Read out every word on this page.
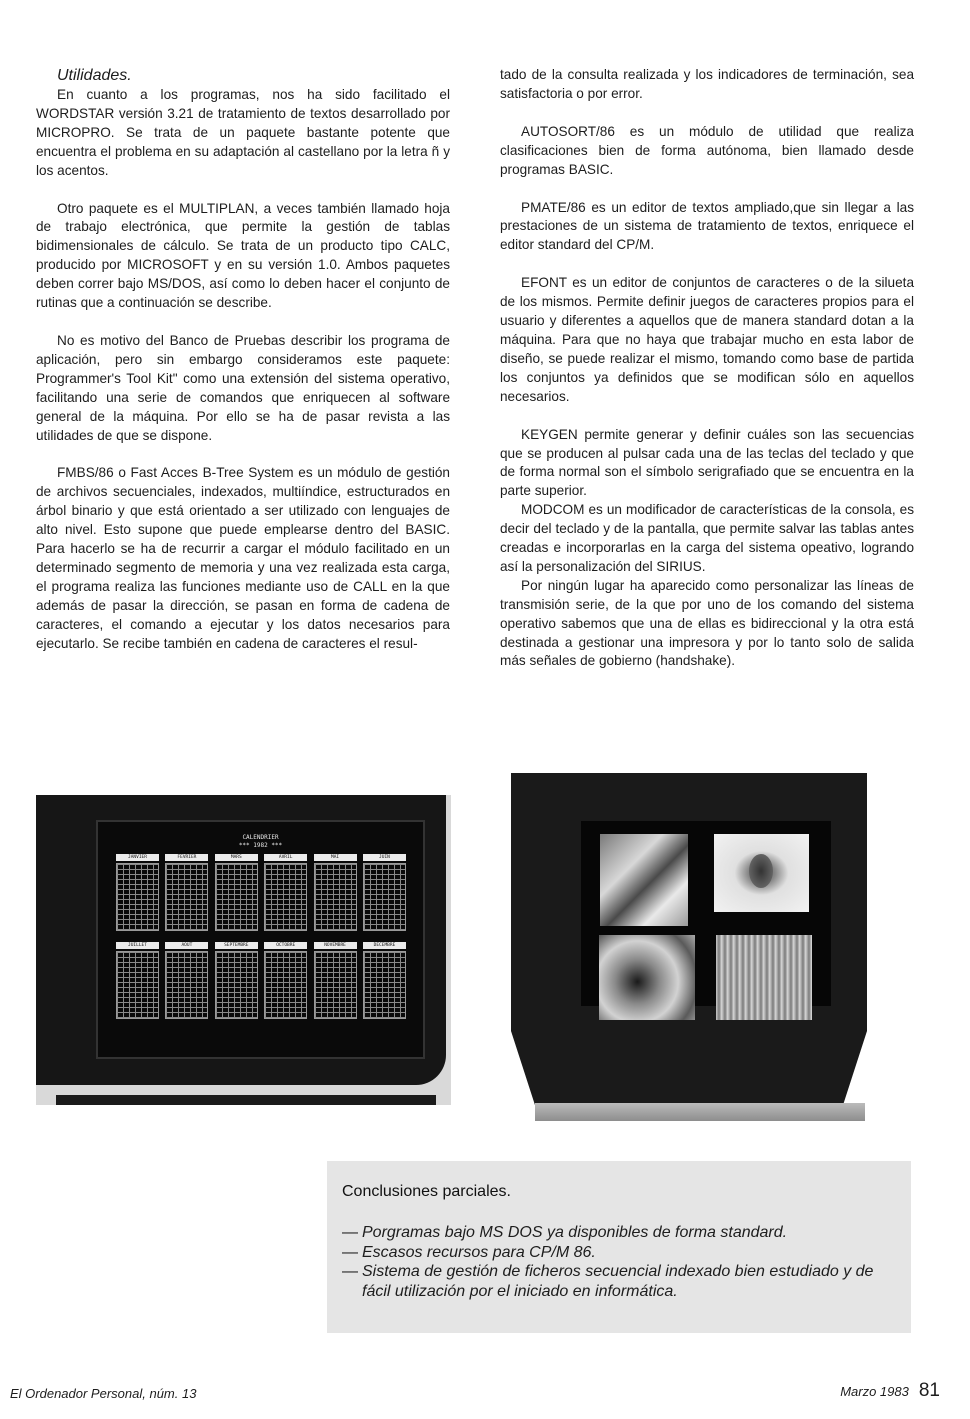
Utilidades.

En cuanto a los programas, nos ha sido facilitado el WORDSTAR versión 3.21 de tratamiento de textos desarrollado por MICROPRO. Se trata de un paquete bastante potente que encuentra el problema en su adaptación al castellano por la letra ñ y los acentos.

Otro paquete es el MULTIPLAN, a veces también llamado hoja de trabajo electrónica, que permite la gestión de tablas bidimensionales de cálculo. Se trata de un producto tipo CALC, producido por MICROSOFT y en su versión 1.0. Ambos paquetes deben correr bajo MS/DOS, así como lo deben hacer el conjunto de rutinas que a continuación se describe.

No es motivo del Banco de Pruebas describir los programa de aplicación, pero sin embargo consideramos este paquete: Programmer's Tool Kit" como una extensión del sistema operativo, facilitando una serie de comandos que enriquecen al software general de la máquina. Por ello se ha de pasar revista a las utilidades de que se dispone.

FMBS/86 o Fast Acces B-Tree System es un módulo de gestión de archivos secuenciales, indexados, multiíndice, estructurados en árbol binario y que está orientado a ser utilizado con lenguajes de alto nivel. Esto supone que puede emplearse dentro del BASIC. Para hacerlo se ha de recurrir a cargar el módulo facilitado en un determinado segmento de memoria y una vez realizada esta carga, el programa realiza las funciones mediante uso de CALL en la que además de pasar la dirección, se pasan en forma de cadena de caracteres, el comando a ejecutar y los datos necesarios para ejecutarlo. Se recibe también en cadena de caracteres el resul-

tado de la consulta realizada y los indicadores de terminación, sea satisfactoria o por error.

AUTOSORT/86 es un módulo de utilidad que realiza clasificaciones bien de forma autónoma, bien llamado desde programas BASIC.

PMATE/86 es un editor de textos ampliado,que sin llegar a las prestaciones de un sistema de tratamiento de textos, enriquece el editor standard del CP/M.

EFONT es un editor de conjuntos de caracteres o de la silueta de los mismos. Permite definir juegos de caracteres propios para el usuario y diferentes a aquellos que de manera standard dotan a la máquina. Para que no haya que trabajar mucho en esta labor de diseño, se puede realizar el mismo, tomando como base de partida los conjuntos ya definidos que se modifican sólo en aquellos necesarios.

KEYGEN permite generar y definir cuáles son las secuencias que se producen al pulsar cada una de las teclas del teclado y que de forma normal son el símbolo serigrafiado que se encuentra en la parte superior.

MODCOM es un modificador de características de la consola, es decir del teclado y de la pantalla, que permite salvar las tablas antes creadas e incorporarlas en la carga del sistema opeativo, logrando así la personalización del SIRIUS.

Por ningún lugar ha aparecido como personalizar las líneas de transmisión serie, de la que por uno de los comando del sistema operativo sabemos que una de ellas es bidireccional y la otra está destinada a gestionar una impresora y por lo tanto solo de salida más señales de gobierno (handshake).

CALENDRIER
*** 1982 ***
JANVIER	FEVRIER	MARS	AVRIL	MAI	JUIN
JUILLET	AOUT	SEPTEMBRE	OCTOBRE	NOVEMBRE	DECEMBRE
Conclusiones parciales.
— Porgramas bajo MS DOS ya disponibles de forma standard.
— Escasos recursos para CP/M 86.
— Sistema de gestión de ficheros secuencial indexado bien estudiado y de fácil utilización por el iniciado en informática.
El Ordenador Personal, núm. 13	Marzo 1983 81
